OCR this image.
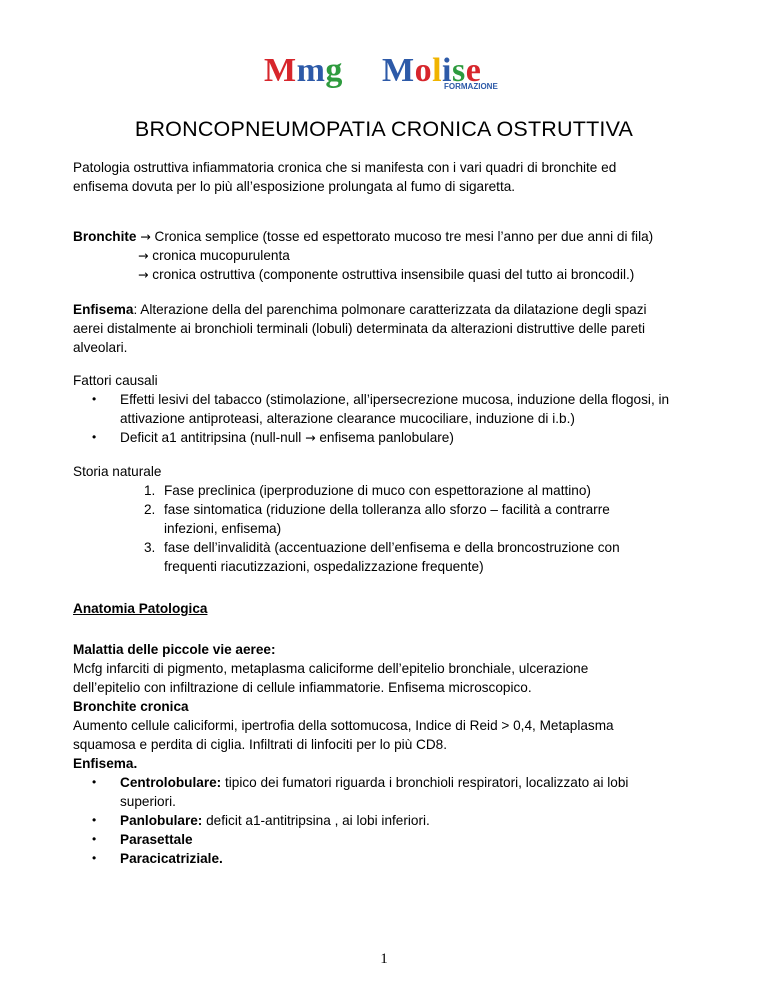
Mmg Molise
FORMAZIONE
BRONCOPNEUMOPATIA CRONICA OSTRUTTIVA
Patologia ostruttiva infiammatoria cronica che si manifesta con i vari quadri di bronchite ed
enfisema dovuta per lo più all’esposizione prolungata al fumo di sigaretta.
Bronchite → Cronica semplice (tosse ed espettorato mucoso tre mesi l’anno per due anni di fila)
→ cronica mucopurulenta
→ cronica ostruttiva (componente ostruttiva insensibile quasi del tutto ai broncodil.)
Enfisema: Alterazione della del parenchima polmonare caratterizzata da dilatazione degli spazi
aerei distalmente ai bronchioli terminali (lobuli) determinata da alterazioni distruttive delle pareti
alveolari.
Fattori causali
• Effetti lesivi del tabacco (stimolazione, all’ipersecrezione mucosa, induzione della flogosi, in
attivazione antiproteasi, alterazione clearance mucociliare, induzione di i.b.)
• Deficit a1 antitripsina (null-null → enfisema panlobulare)
Storia naturale
1. Fase preclinica (iperproduzione di muco con espettorazione al mattino)
2. fase sintomatica (riduzione della tolleranza allo sforzo – facilità a contrarre
infezioni, enfisema)
3. fase dell’invalidità (accentuazione dell’enfisema e della broncostruzione con
frequenti riacutizzazioni, ospedalizzazione frequente)
Anatomia Patologica
Malattia delle piccole vie aeree:
Mcfg infarciti di pigmento, metaplasma caliciforme dell’epitelio bronchiale, ulcerazione
dell’epitelio con infiltrazione di cellule infiammatorie. Enfisema microscopico.
Bronchite cronica
Aumento cellule caliciformi, ipertrofia della sottomucosa, Indice di Reid > 0,4, Metaplasma
squamosa e perdita di ciglia. Infiltrati di linfociti per lo più CD8.
Enfisema.
• Centrolobulare: tipico dei fumatori riguarda i bronchioli respiratori, localizzato ai lobi
superiori.
• Panlobulare: deficit a1-antitripsina , ai lobi inferiori.
• Parasettale
• Paracicatriziale.
1
